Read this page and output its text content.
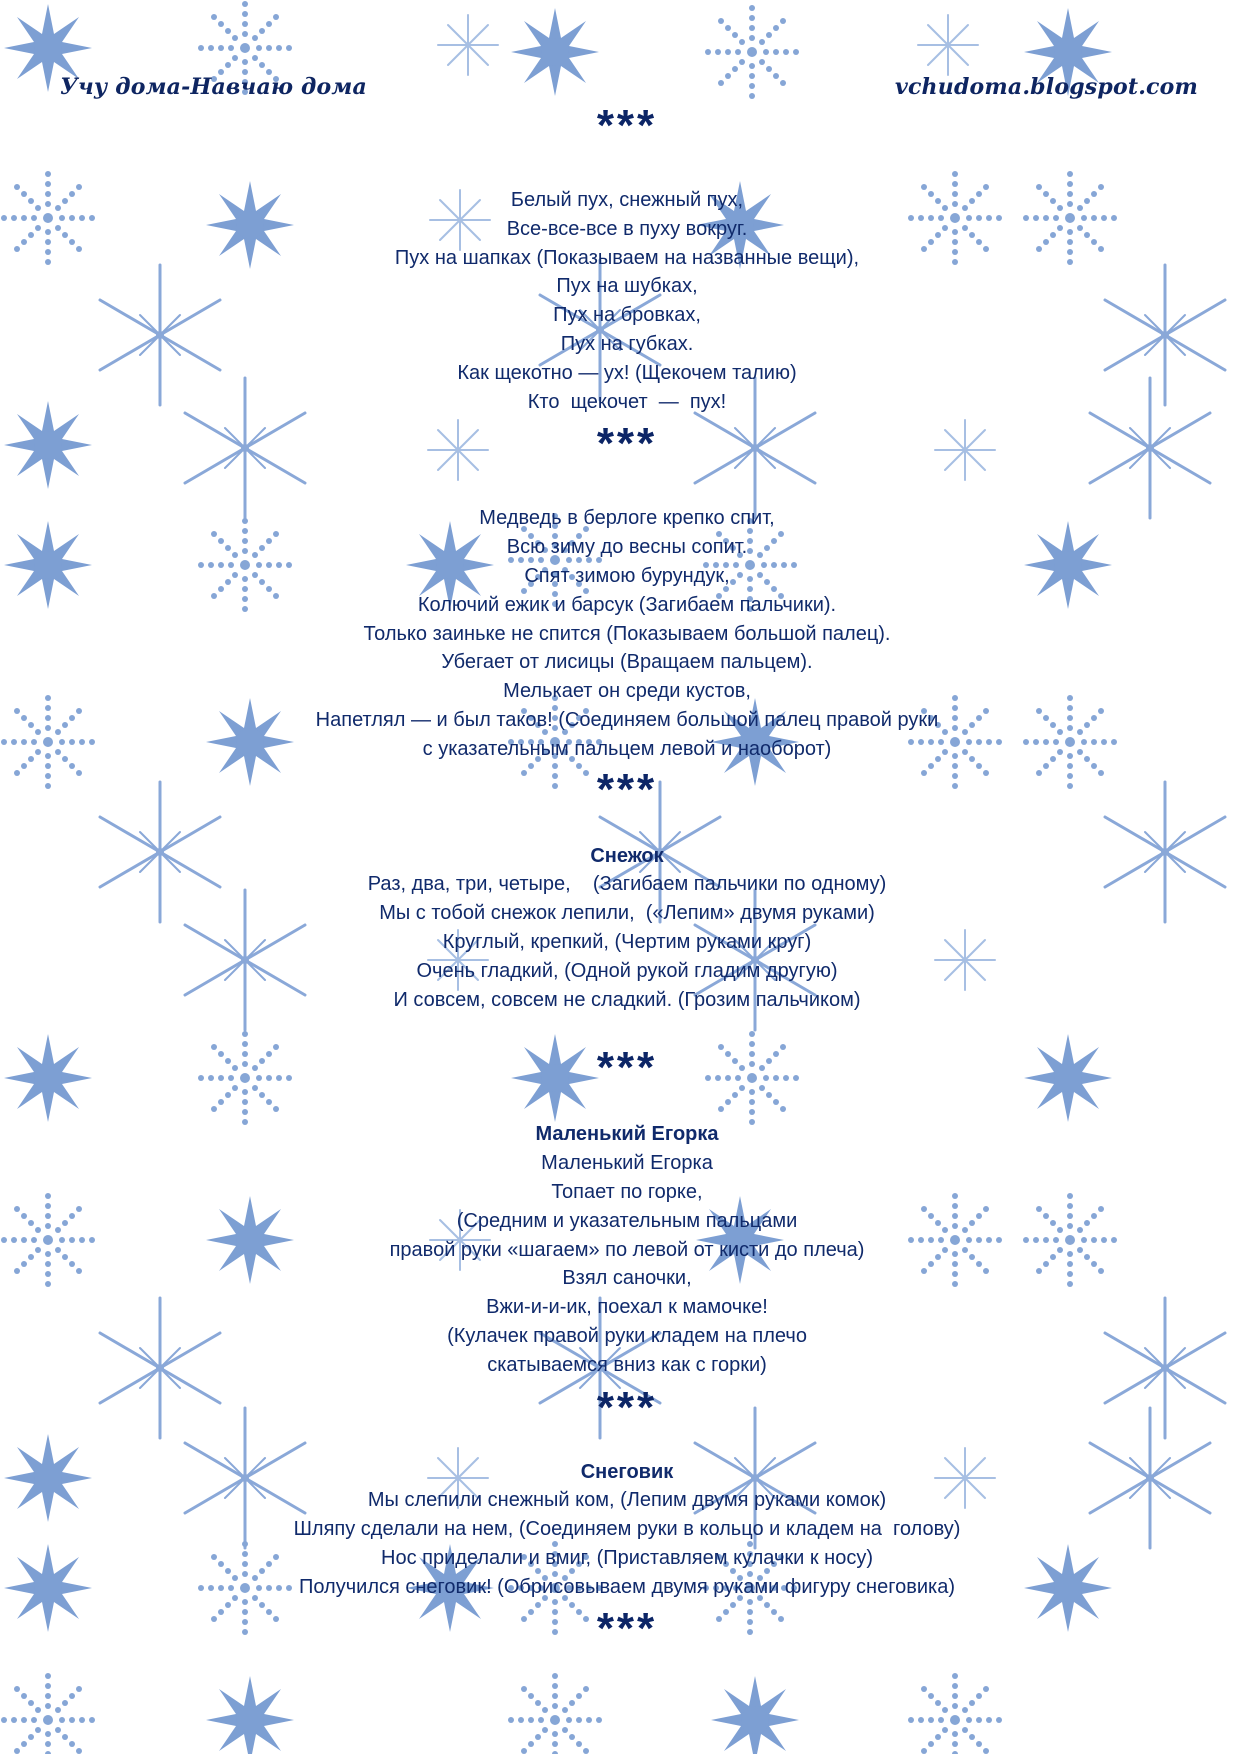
Учу дома-Навчаю дома	vchudoma.blogspot.com
***
Белый пух, снежный пух,
Все-все-все в пуху вокруг.
Пух на шапках (Показываем на названные вещи),
Пух на шубках,
Пух на бровках,
Пух на губках.
Как щекотно — ух! (Щекочем талию)
Кто  щекочет  —  пух!
***
Медведь в берлоге крепко спит,
Всю зиму до весны сопит.
Спят зимою бурундук,
Колючий ежик и барсук (Загибаем пальчики).
Только заиньке не спится (Показываем большой палец).
Убегает от лисицы (Вращаем пальцем).
Мелькает он среди кустов,
Напетлял — и был таков! (Соединяем большой палец правой руки
с указательным пальцем левой и наоборот)
***
Снежок
Раз, два, три, четыре,    (Загибаем пальчики по одному)
Мы с тобой снежок лепили,  («Лепим» двумя руками)
Круглый, крепкий, (Чертим руками круг)
Очень гладкий, (Одной рукой гладим другую)
И совсем, совсем не сладкий. (Грозим пальчиком)
***
Маленький Егорка
Маленький Егорка
Топает по горке,
(Средним и указательным пальцами
правой руки «шагаем» по левой от кисти до плеча)
Взял саночки,
Вжи-и-и-ик, поехал к мамочке!
(Кулачек правой руки кладем на плечо
скатываемся вниз как с горки)
***
Снеговик
Мы слепили снежный ком, (Лепим двумя руками комок)
Шляпу сделали на нем, (Соединяем руки в кольцо и кладем на  голову)
Нос приделали и вмиг, (Приставляем кулачки к носу)
Получился снеговик! (Обрисовываем двумя руками фигуру снеговика)
***
